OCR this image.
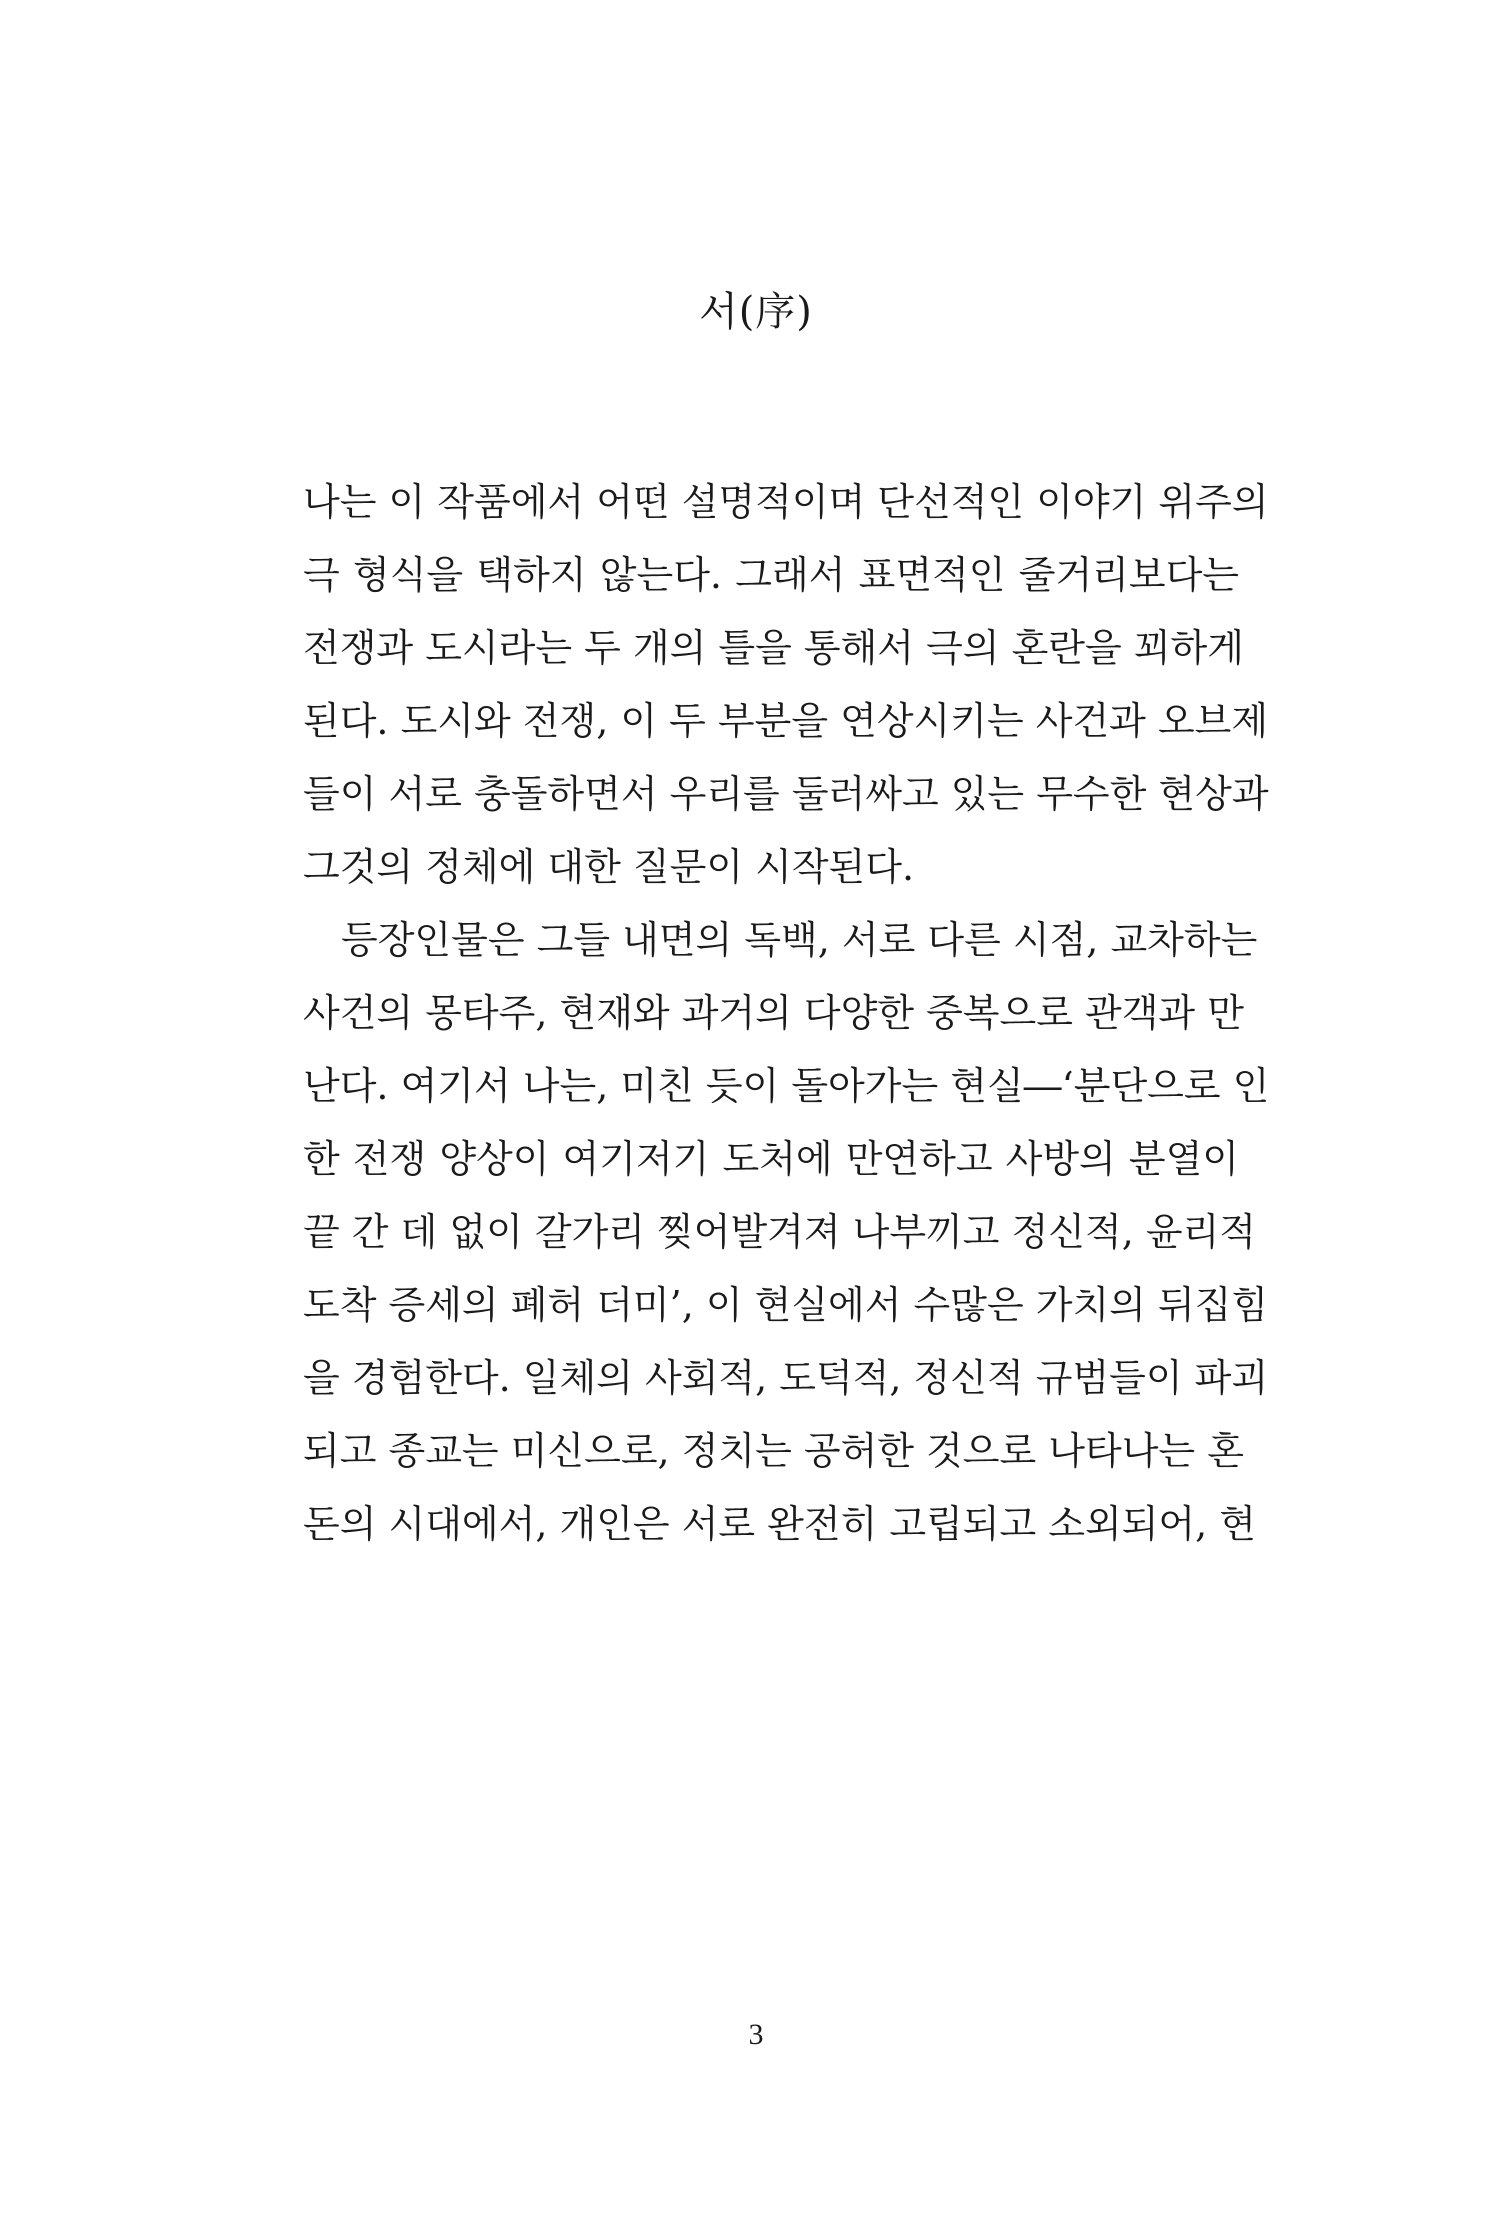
서(序)
나는 이 작품에서 어떤 설명적이며 단선적인 이야기 위주의
극 형식을 택하지 않는다. 그래서 표면적인 줄거리보다는
전쟁과 도시라는 두 개의 틀을 통해서 극의 혼란을 꾀하게
된다. 도시와 전쟁, 이 두 부분을 연상시키는 사건과 오브제
들이 서로 충돌하면서 우리를 둘러싸고 있는 무수한 현상과
그것의 정체에 대한 질문이 시작된다.
등장인물은 그들 내면의 독백, 서로 다른 시점, 교차하는
사건의 몽타주, 현재와 과거의 다양한 중복으로 관객과 만
난다. 여기서 나는, 미친 듯이 돌아가는 현실―‘분단으로 인
한 전쟁 양상이 여기저기 도처에 만연하고 사방의 분열이
끝 간 데 없이 갈가리 찢어발겨져 나부끼고 정신적, 윤리적
도착 증세의 폐허 더미’, 이 현실에서 수많은 가치의 뒤집힘
을 경험한다. 일체의 사회적, 도덕적, 정신적 규범들이 파괴
되고 종교는 미신으로, 정치는 공허한 것으로 나타나는 혼
돈의 시대에서, 개인은 서로 완전히 고립되고 소외되어, 현
3
